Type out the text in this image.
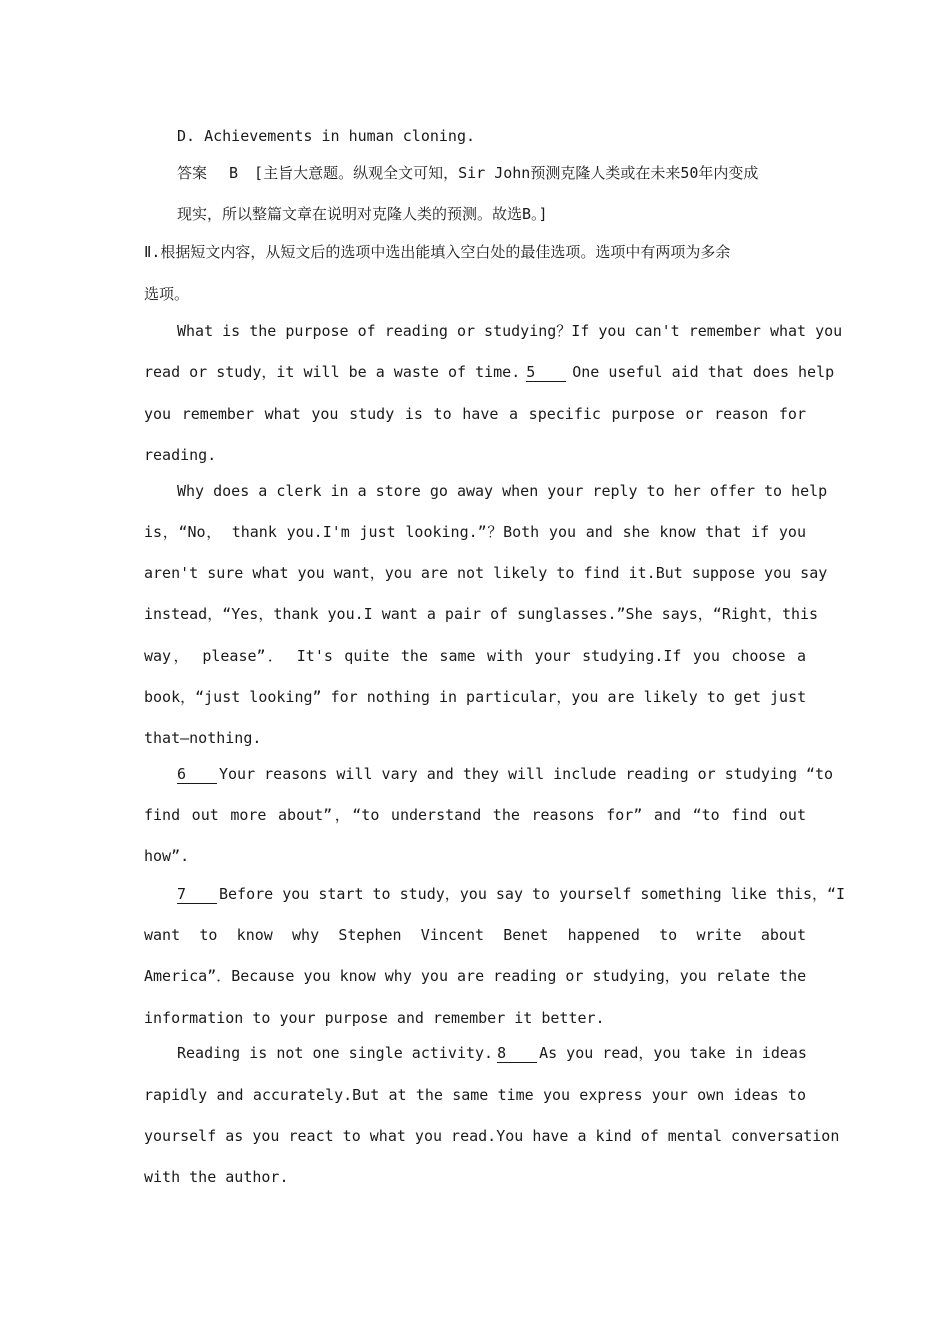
D. Achievements in human cloning.
答案 B [主旨大意题。纵观全文可知，Sir John预测克隆人类或在未来50年内变成
现实，所以整篇文章在说明对克隆人类的预测。故选B。]
Ⅱ.根据短文内容，从短文后的选项中选出能填入空白处的最佳选项。选项中有两项为多余
选项。
What is the purpose of reading or studying？If you can't remember what you
read or study，it will be a waste of time. 5 One useful aid that does help
you remember what you study is to have a specific purpose or reason for
reading.
Why does a clerk in a store go away when your reply to her offer to help
is，“No， thank you.I'm just looking.”？Both you and she know that if you
aren't sure what you want，you are not likely to find it.But suppose you say
instead，“Yes，thank you.I want a pair of sunglasses.”She says，“Right，this
way， please”． It's quite the same with your studying.If you choose a
book，“just looking” for nothing in particular，you are likely to get just
that—nothing.
6 Your reasons will vary and they will include reading or studying “to
find out more about”，“to understand the reasons for” and “to find out
how”.
7 Before you start to study，you say to yourself something like this，“I
want to know why Stephen Vincent Benet happened to write about
America”．Because you know why you are reading or studying，you relate the
information to your purpose and remember it better.
Reading is not one single activity. 8 As you read，you take in ideas
rapidly and accurately.But at the same time you express your own ideas to
yourself as you react to what you read.You have a kind of mental conversation
with the author.
